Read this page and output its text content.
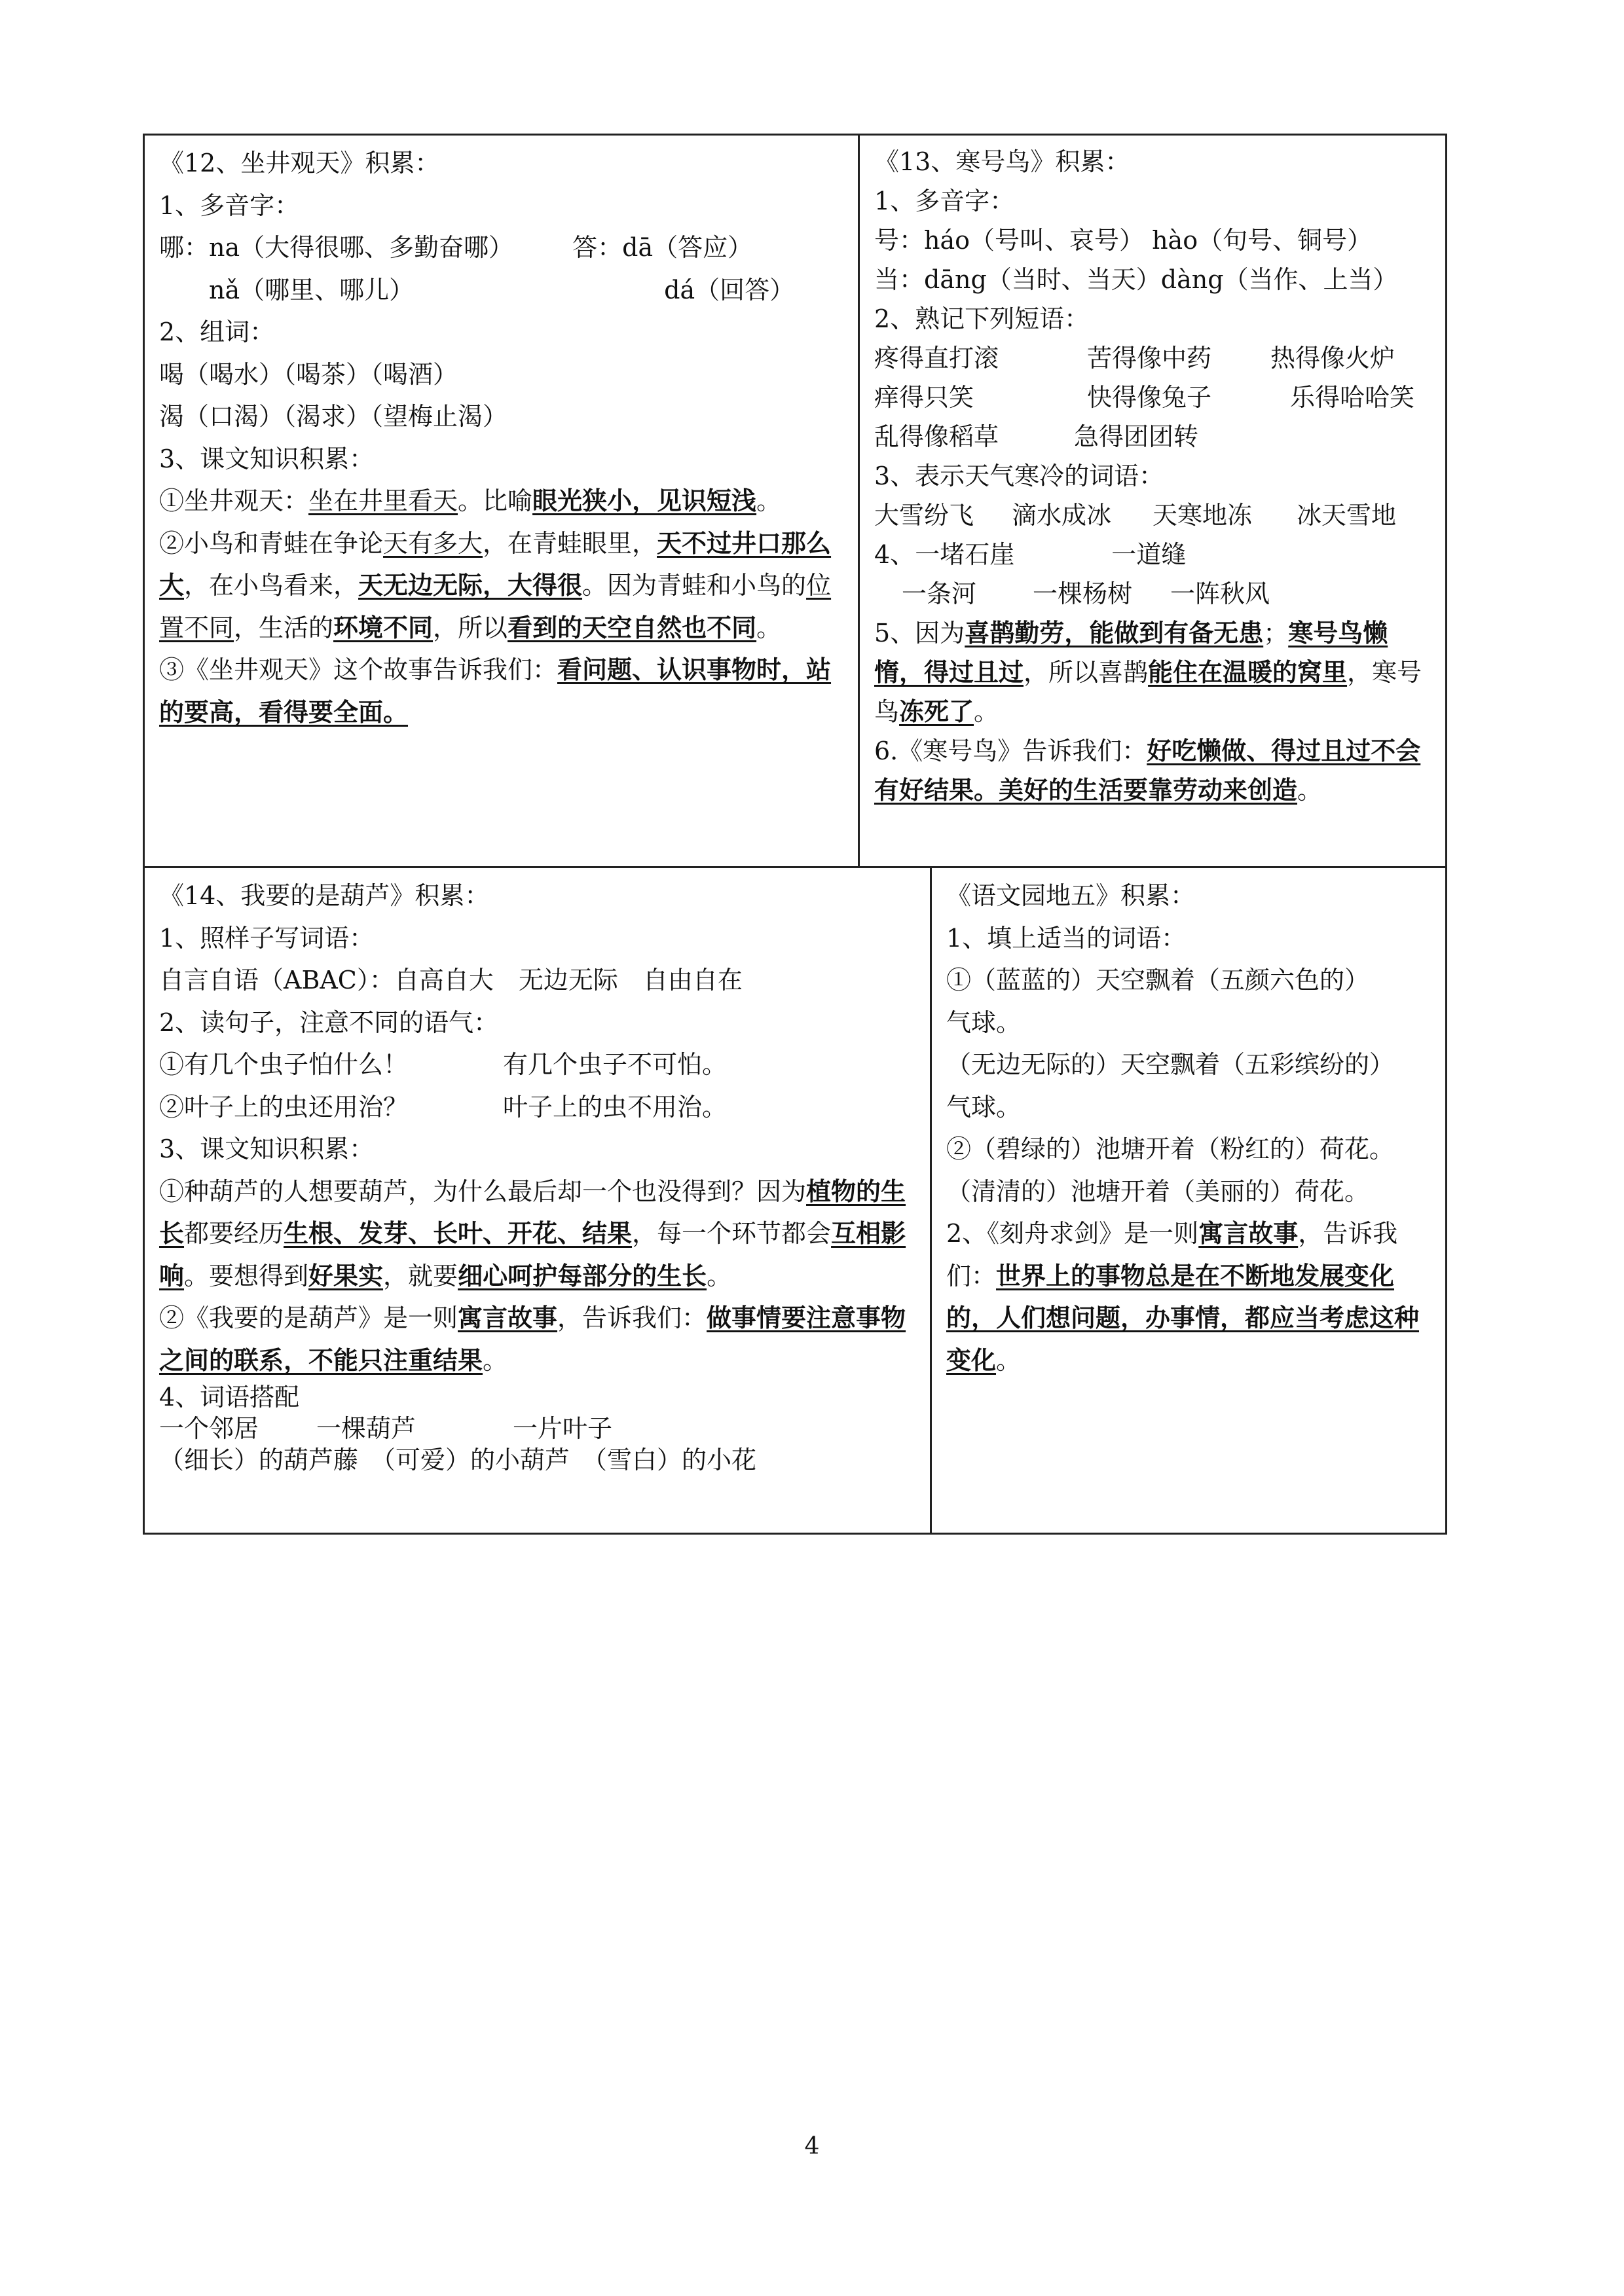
《12、坐井观天》积累：
1、多音字：
哪：na（大得很哪、多勤奋哪） 答：dā（答应）
nǎ（哪里、哪儿）	dá（回答）
2、组词：
喝（喝水）（喝茶）（喝酒）
渴（口渴）（渴求）（望梅止渴）
3、课文知识积累：
①坐井观天：坐在井里看天。比喻眼光狭小，见识短浅。
②小鸟和青蛙在争论天有多大，在青蛙眼里，天不过井口那么大，在小鸟看来，天无边无际，大得很。因为青蛙和小鸟的位置不同，生活的环境不同，所以看到的天空自然也不同。
③《坐井观天》这个故事告诉我们：看问题、认识事物时，站的要高，看得要全面。
《13、寒号鸟》积累：
1、多音字：
号：háo（号叫、哀号） hào（句号、铜号）
当：dāng（当时、当天）dàng（当作、上当）
2、熟记下列短语：
疼得直打滚	苦得像中药 热得像火炉
痒得只笑	快得像兔子	乐得哈哈笑
乱得像稻草	急得团团转
3、表示天气寒冷的词语：
大雪纷飞 滴水成冰 天寒地冻 冰天雪地
4、一堵石崖	一道缝
一条河 一棵杨树 一阵秋风
5、因为喜鹊勤劳，能做到有备无患；寒号鸟懒惰，得过且过，所以喜鹊能住在温暖的窝里，寒号鸟冻死了。
6.《寒号鸟》告诉我们：好吃懒做、得过且过不会有好结果。美好的生活要靠劳动来创造。
《14、我要的是葫芦》积累：
1、照样子写词语：
自言自语（ABAC）：自高自大　无边无际　自由自在
2、读句子，注意不同的语气：
①有几个虫子怕什么！	有几个虫子不可怕。
②叶子上的虫还用治？	叶子上的虫不用治。
3、课文知识积累：
①种葫芦的人想要葫芦，为什么最后却一个也没得到？因为植物的生长都要经历生根、发芽、长叶、开花、结果，每一个环节都会互相影响。要想得到好果实，就要细心呵护每部分的生长。
②《我要的是葫芦》是一则寓言故事，告诉我们：做事情要注意事物之间的联系，不能只注重结果。
4、词语搭配
一个邻居 一棵葫芦	一片叶子
（细长）的葫芦藤　（可爱）的小葫芦　（雪白）的小花
《语文园地五》积累：
1、填上适当的词语：
①（蓝蓝的）天空飘着（五颜六色的）
气球。
（无边无际的）天空飘着（五彩缤纷的）
气球。
②（碧绿的）池塘开着（粉红的）荷花。
（清清的）池塘开着（美丽的）荷花。
2、《刻舟求剑》是一则寓言故事，告诉我们：世界上的事物总是在不断地发展变化的，人们想问题，办事情，都应当考虑这种变化。
4
